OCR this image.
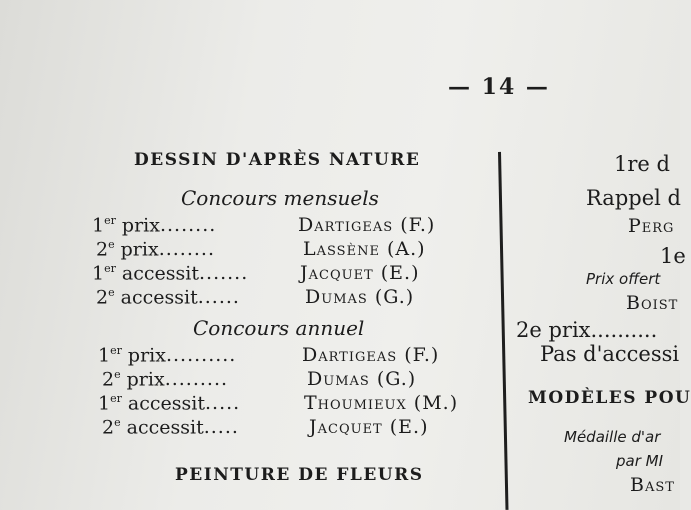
— 14 —
DESSIN D'APRÈS NATURE
Concours mensuels
1er prix ........	Dartigeas (F.)
2e prix ........	Lassène (A.)
1er accessit .......	Jacquet (E.)
2e accessit ......	Dumas (G.)
Concours annuel
1er prix ..........	Dartigeas (F.)
2e prix .........	Dumas (G.)
1er accessit .....	Thoumieux (M.)
2e accessit .....	Jacquet (E.)
PEINTURE DE FLEURS
1re d
Rappel d
Perg
1e
Prix offert
Boist
2e prix..........
Pas d'accessi
MODÈLES POU
Médaille d'ar
par MI
Bast
